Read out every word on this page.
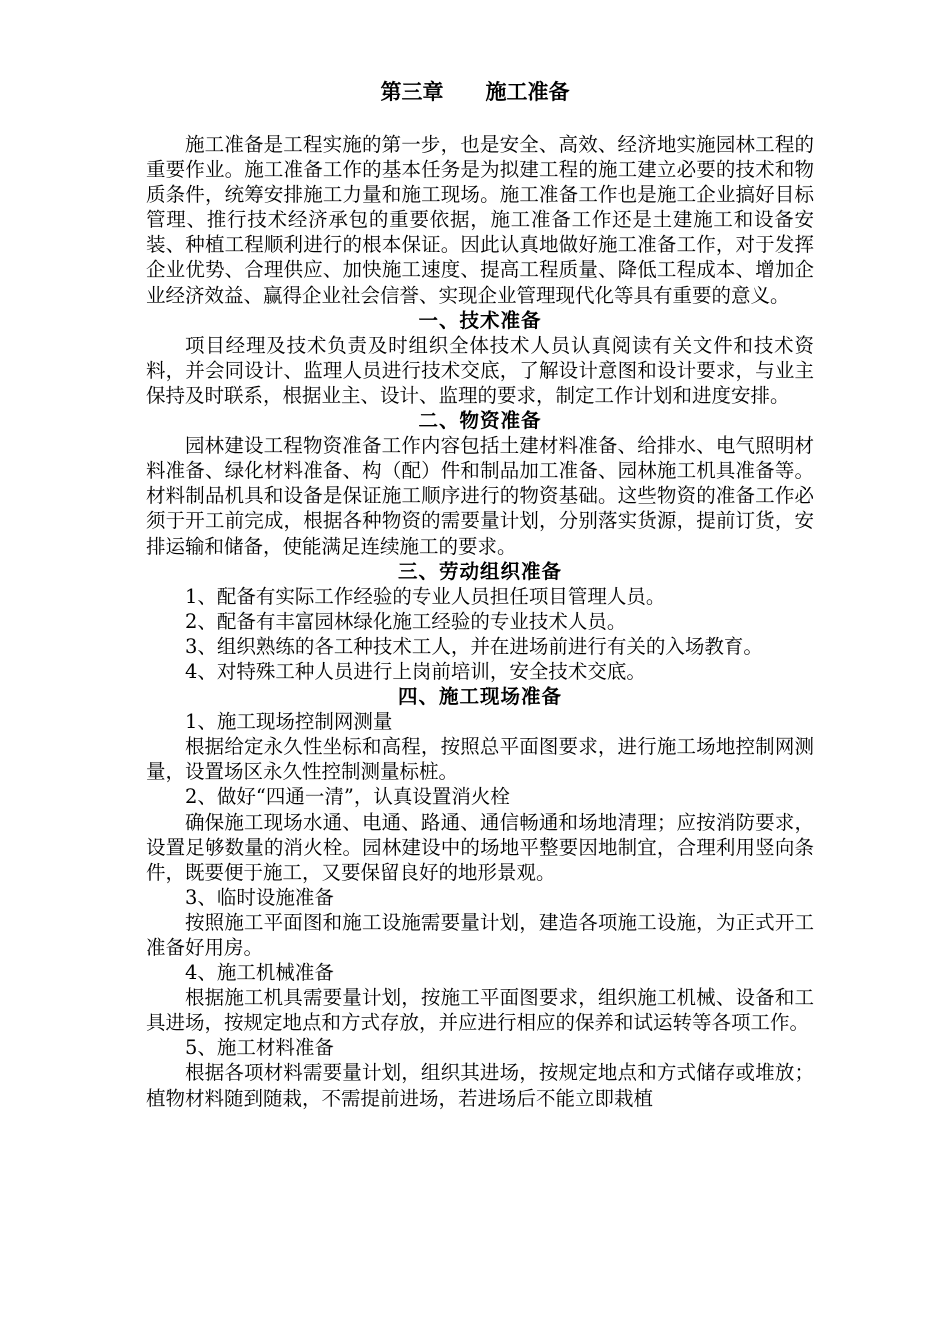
第三章　　施工准备

施工准备是工程实施的第一步，也是安全、高效、经济地实施园林工程的重要作业。施工准备工作的基本任务是为拟建工程的施工建立必要的技术和物质条件，统筹安排施工力量和施工现场。施工准备工作也是施工企业搞好目标管理、推行技术经济承包的重要依据，施工准备工作还是土建施工和设备安装、种植工程顺利进行的根本保证。因此认真地做好施工准备工作，对于发挥企业优势、合理供应、加快施工速度、提高工程质量、降低工程成本、增加企业经济效益、赢得企业社会信誉、实现企业管理现代化等具有重要的意义。

一、技术准备

项目经理及技术负责及时组织全体技术人员认真阅读有关文件和技术资料，并会同设计、监理人员进行技术交底，了解设计意图和设计要求，与业主保持及时联系，根据业主、设计、监理的要求，制定工作计划和进度安排。

二、物资准备

园林建设工程物资准备工作内容包括土建材料准备、给排水、电气照明材料准备、绿化材料准备、构（配）件和制品加工准备、园林施工机具准备等。材料制品机具和设备是保证施工顺序进行的物资基础。这些物资的准备工作必须于开工前完成，根据各种物资的需要量计划，分别落实货源，提前订货，安排运输和储备，使能满足连续施工的要求。

三、劳动组织准备

1、配备有实际工作经验的专业人员担任项目管理人员。

2、配备有丰富园林绿化施工经验的专业技术人员。

3、组织熟练的各工种技术工人，并在进场前进行有关的入场教育。

4、对特殊工种人员进行上岗前培训，安全技术交底。

四、施工现场准备

1、施工现场控制网测量

根据给定永久性坐标和高程，按照总平面图要求，进行施工场地控制网测量，设置场区永久性控制测量标桩。

2、做好“四通一清”，认真设置消火栓

确保施工现场水通、电通、路通、通信畅通和场地清理；应按消防要求，设置足够数量的消火栓。园林建设中的场地平整要因地制宜，合理利用竖向条件，既要便于施工，又要保留良好的地形景观。

3、临时设施准备

按照施工平面图和施工设施需要量计划，建造各项施工设施，为正式开工准备好用房。

4、施工机械准备

根据施工机具需要量计划，按施工平面图要求，组织施工机械、设备和工具进场，按规定地点和方式存放，并应进行相应的保养和试运转等各项工作。

5、施工材料准备

根据各项材料需要量计划，组织其进场，按规定地点和方式储存或堆放；植物材料随到随栽，不需提前进场，若进场后不能立即栽植
